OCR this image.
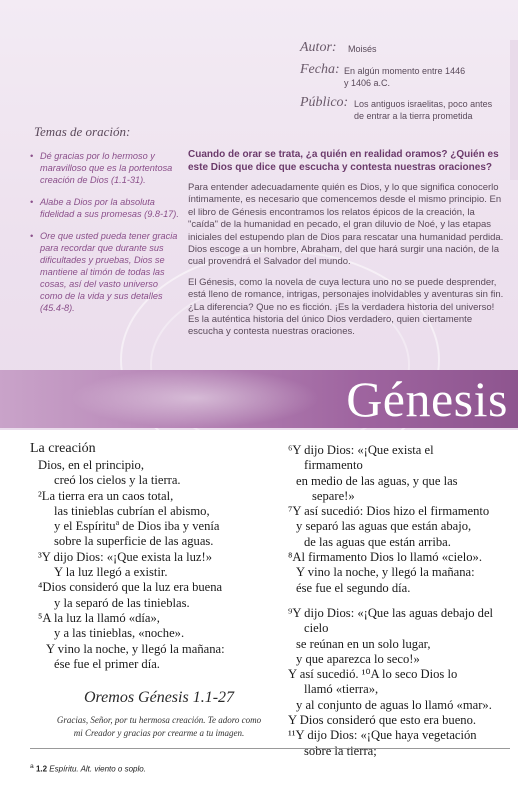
Autor:	Moisés
Fecha: En algún momento entre 1446 y 1406 a.C.
Público: Los antiguos israelitas, poco antes de entrar a la tierra prometida
Temas de oración:
• Dé gracias por lo hermoso y maravilloso que es la portentosa creación de Dios (1.1-31).
• Alabe a Dios por la absoluta fidelidad a sus promesas (9.8-17).
• Ore que usted pueda tener gracia para recordar que durante sus dificultades y pruebas, Dios se mantiene al timón de todas las cosas, así del vasto universo como de la vida y sus detalles (45.4-8).
Cuando de orar se trata, ¿a quién en realidad oramos? ¿Quién es este Dios que dice que escucha y contesta nuestras oraciones?
Para entender adecuadamente quién es Dios, y lo que significa conocerlo íntimamente, es necesario que comencemos desde el mismo principio. En el libro de Génesis encontramos los relatos épicos de la creación, la "caída" de la humanidad en pecado, el gran diluvio de Noé, y las etapas iniciales del estupendo plan de Dios para rescatar una humanidad perdida. Dios escoge a un hombre, Abraham, del que hará surgir una nación, de la cual provendrá el Salvador del mundo.
El Génesis, como la novela de cuya lectura uno no se puede desprender, está lleno de romance, intrigas, personajes inolvidables y aventuras sin fin. ¿La diferencia? Que no es ficción. ¡Es la verdadera historia del universo! Es la auténtica historia del único Dios verdadero, quien ciertamente escucha y contesta nuestras oraciones.
Génesis
La creación
Dios, en el principio,
creó los cielos y la tierra.
²La tierra era un caos total,
las tinieblas cubrían el abismo,
y el Espíritu$^a$ de Dios iba y venía
sobre la superficie de las aguas.
³Y dijo Dios: «¡Que exista la luz!»
Y la luz llegó a existir.
⁴Dios consideró que la luz era buena
y la separó de las tinieblas.
⁵A la luz la llamó «día»,
y a las tinieblas, «noche».
Y vino la noche, y llegó la mañana:
ése fue el primer día.
Oremos Génesis 1.1-27
Gracias, Señor, por tu hermosa creación. Te adoro como mi Creador y gracias por crearme a tu imagen.
⁶Y dijo Dios: «¡Que exista el
firmamento
en medio de las aguas, y que las
separe!»
⁷Y así sucedió: Dios hizo el firmamento
y separó las aguas que están abajo,
de las aguas que están arriba.
⁸Al firmamento Dios lo llamó «cielo».
Y vino la noche, y llegó la mañana:
ése fue el segundo día.
⁹Y dijo Dios: «¡Que las aguas debajo del
cielo
se reúnan en un solo lugar,
y que aparezca lo seco!»
Y así sucedió. ¹⁰A lo seco Dios lo
llamó «tierra»,
y al conjunto de aguas lo llamó «mar».
Y Dios consideró que esto era bueno.
¹¹Y dijo Dios: «¡Que haya vegetación
sobre la tierra;
$^a$ 1.2 Espíritu. Alt. viento o soplo.
